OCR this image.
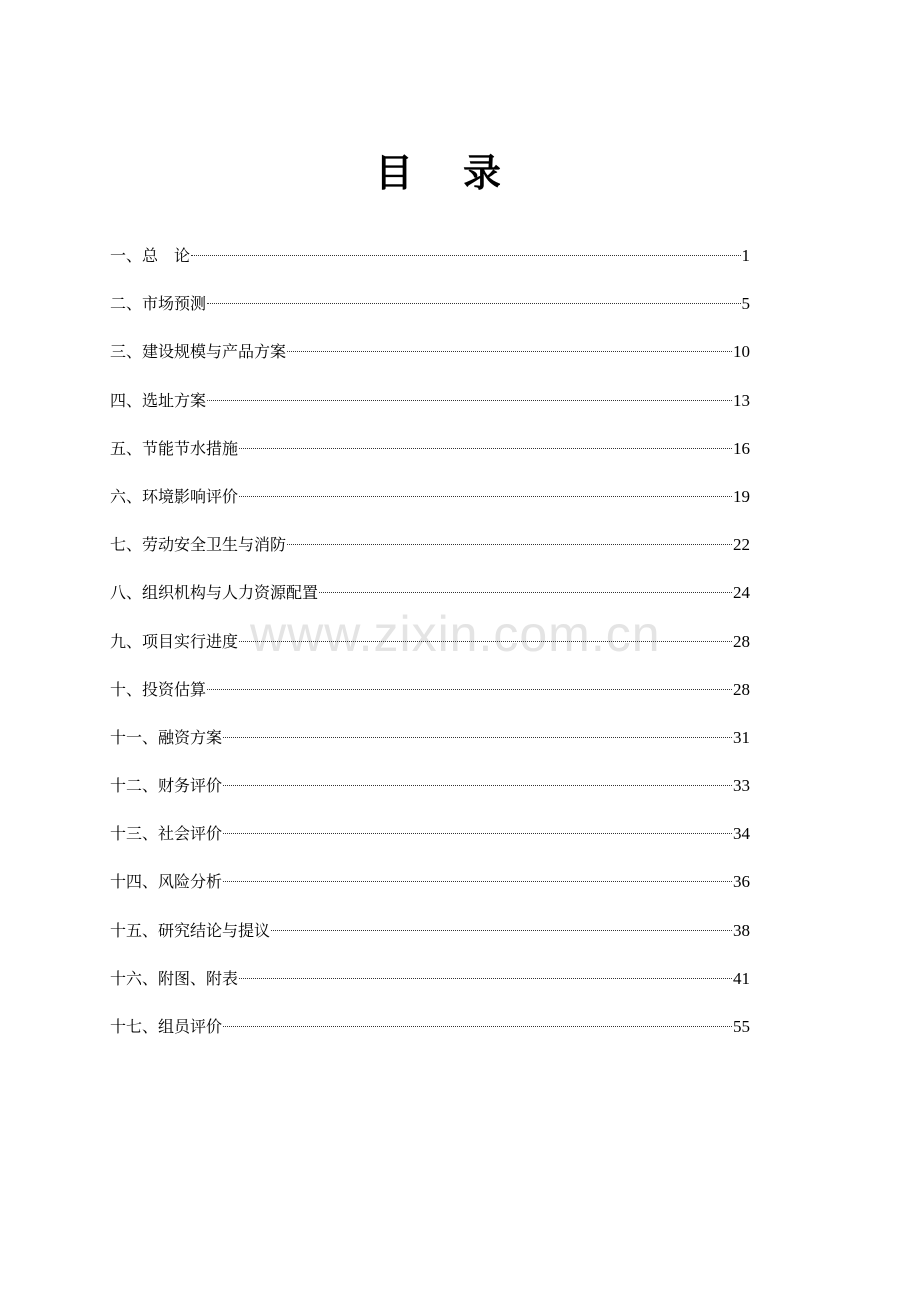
www.zixin.com.cn
目录
一、总　论	1
二、市场预测	5
三、建设规模与产品方案	10
四、选址方案	13
五、节能节水措施	16
六、环境影响评价	19
七、劳动安全卫生与消防	22
八、组织机构与人力资源配置	24
九、项目实行进度	28
十、投资估算	28
十一、融资方案	31
十二、财务评价	33
十三、社会评价	34
十四、风险分析	36
十五、研究结论与提议	38
十六、附图、附表	41
十七、组员评价	55
